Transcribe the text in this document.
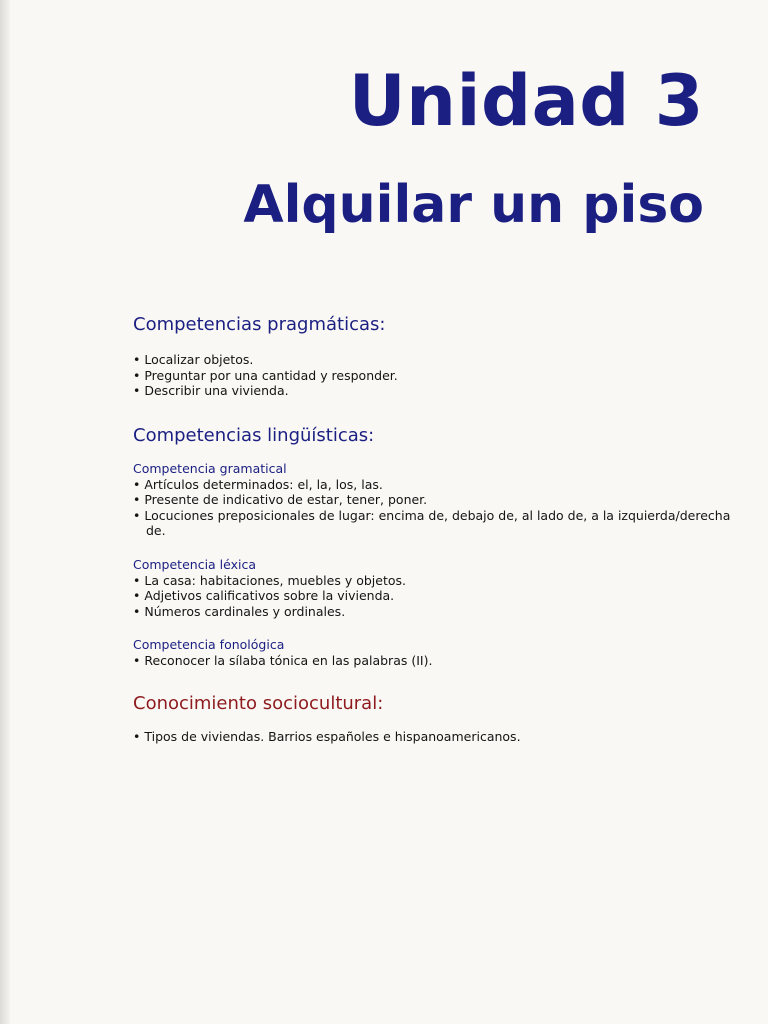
Unidad 3
Alquilar un piso
Competencias pragmáticas:
• Localizar objetos.
• Preguntar por una cantidad y responder.
• Describir una vivienda.
Competencias lingüísticas:
Competencia gramatical
• Artículos determinados: el, la, los, las.
• Presente de indicativo de estar, tener, poner.
• Locuciones preposicionales de lugar: encima de, debajo de, al lado de, a la izquierda/derecha de.
Competencia léxica
• La casa: habitaciones, muebles y objetos.
• Adjetivos calificativos sobre la vivienda.
• Números cardinales y ordinales.
Competencia fonológica
• Reconocer la sílaba tónica en las palabras (II).
Conocimiento sociocultural:
• Tipos de viviendas. Barrios españoles e hispanoamericanos.
